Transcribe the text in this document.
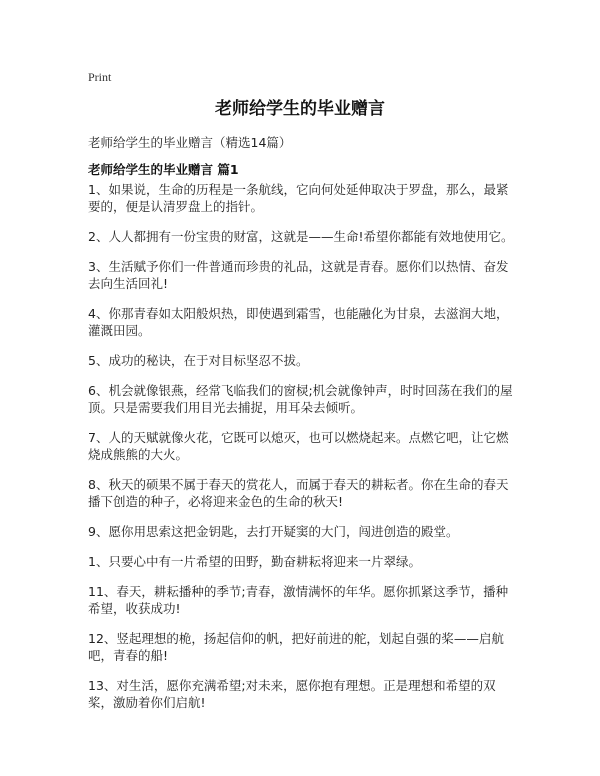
Print
老师给学生的毕业赠言
老师给学生的毕业赠言（精选14篇）
老师给学生的毕业赠言 篇1

1、如果说，生命的历程是一条航线，它向何处延伸取决于罗盘，那么，最紧要的，便是认清罗盘上的指针。

2、人人都拥有一份宝贵的财富，这就是——生命!希望你都能有效地使用它。

3、生活赋予你们一件普通而珍贵的礼品，这就是青春。愿你们以热情、奋发去向生活回礼!

4、你那青春如太阳般炽热，即使遇到霜雪，也能融化为甘泉，去滋润大地，灌溉田园。

5、成功的秘诀，在于对目标坚忍不拔。

6、机会就像银燕，经常飞临我们的窗棂;机会就像钟声，时时回荡在我们的屋顶。只是需要我们用目光去捕捉，用耳朵去倾听。

7、人的天赋就像火花，它既可以熄灭，也可以燃烧起来。点燃它吧，让它燃烧成熊熊的大火。

8、秋天的硕果不属于春天的赏花人，而属于春天的耕耘者。你在生命的春天播下创造的种子，必将迎来金色的生命的秋天!

9、愿你用思索这把金钥匙，去打开疑窦的大门，闯进创造的殿堂。

1、只要心中有一片希望的田野，勤奋耕耘将迎来一片翠绿。

11、春天，耕耘播种的季节;青春，激情满怀的年华。愿你抓紧这季节，播种希望，收获成功!

12、竖起理想的桅，扬起信仰的帆，把好前进的舵，划起自强的桨——启航吧，青春的船!

13、对生活，愿你充满希望;对未来，愿你抱有理想。正是理想和希望的双桨，激励着你们启航!
